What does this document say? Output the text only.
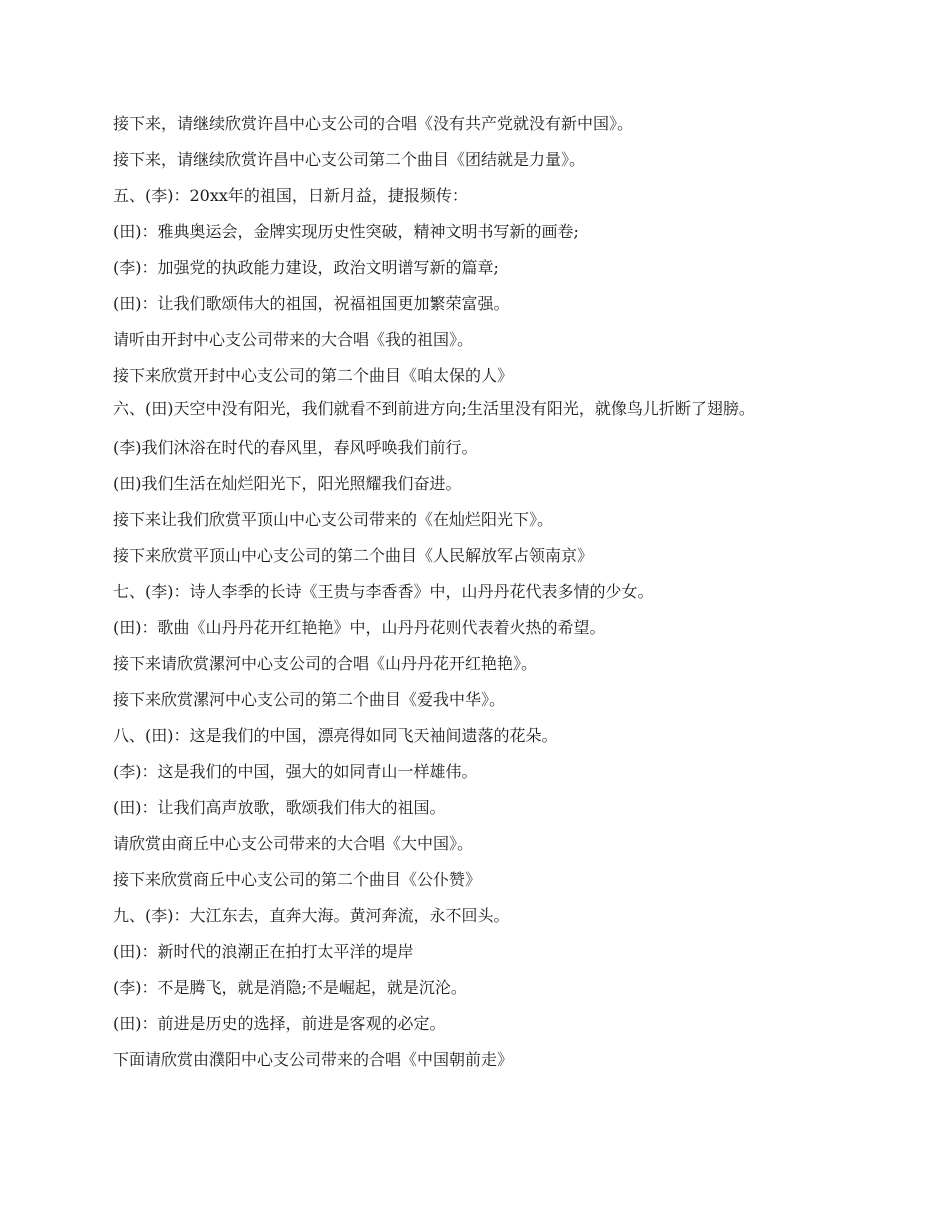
接下来，请继续欣赏许昌中心支公司的合唱《没有共产党就没有新中国》。

接下来，请继续欣赏许昌中心支公司第二个曲目《团结就是力量》。

五、(李)：20xx年的祖国，日新月益，捷报频传：

(田)：雅典奥运会，金牌实现历史性突破，精神文明书写新的画卷;

(李)：加强党的执政能力建设，政治文明谱写新的篇章;

(田)：让我们歌颂伟大的祖国，祝福祖国更加繁荣富强。

请听由开封中心支公司带来的大合唱《我的祖国》。

接下来欣赏开封中心支公司的第二个曲目《咱太保的人》

六、(田)天空中没有阳光，我们就看不到前进方向;生活里没有阳光，就像鸟儿折断了翅膀。

(李)我们沐浴在时代的春风里，春风呼唤我们前行。

(田)我们生活在灿烂阳光下，阳光照耀我们奋进。

接下来让我们欣赏平顶山中心支公司带来的《在灿烂阳光下》。

接下来欣赏平顶山中心支公司的第二个曲目《人民解放军占领南京》

七、(李)：诗人李季的长诗《王贵与李香香》中，山丹丹花代表多情的少女。

(田)：歌曲《山丹丹花开红艳艳》中，山丹丹花则代表着火热的希望。

接下来请欣赏漯河中心支公司的合唱《山丹丹花开红艳艳》。

接下来欣赏漯河中心支公司的第二个曲目《爱我中华》。

八、(田)：这是我们的中国，漂亮得如同飞天袖间遗落的花朵。

(李)：这是我们的中国，强大的如同青山一样雄伟。

(田)：让我们高声放歌，歌颂我们伟大的祖国。

请欣赏由商丘中心支公司带来的大合唱《大中国》。

接下来欣赏商丘中心支公司的第二个曲目《公仆赞》

九、(李)：大江东去，直奔大海。黄河奔流，永不回头。

(田)：新时代的浪潮正在拍打太平洋的堤岸

(李)：不是腾飞，就是消隐;不是崛起，就是沉沦。

(田)：前进是历史的选择，前进是客观的必定。

下面请欣赏由濮阳中心支公司带来的合唱《中国朝前走》
